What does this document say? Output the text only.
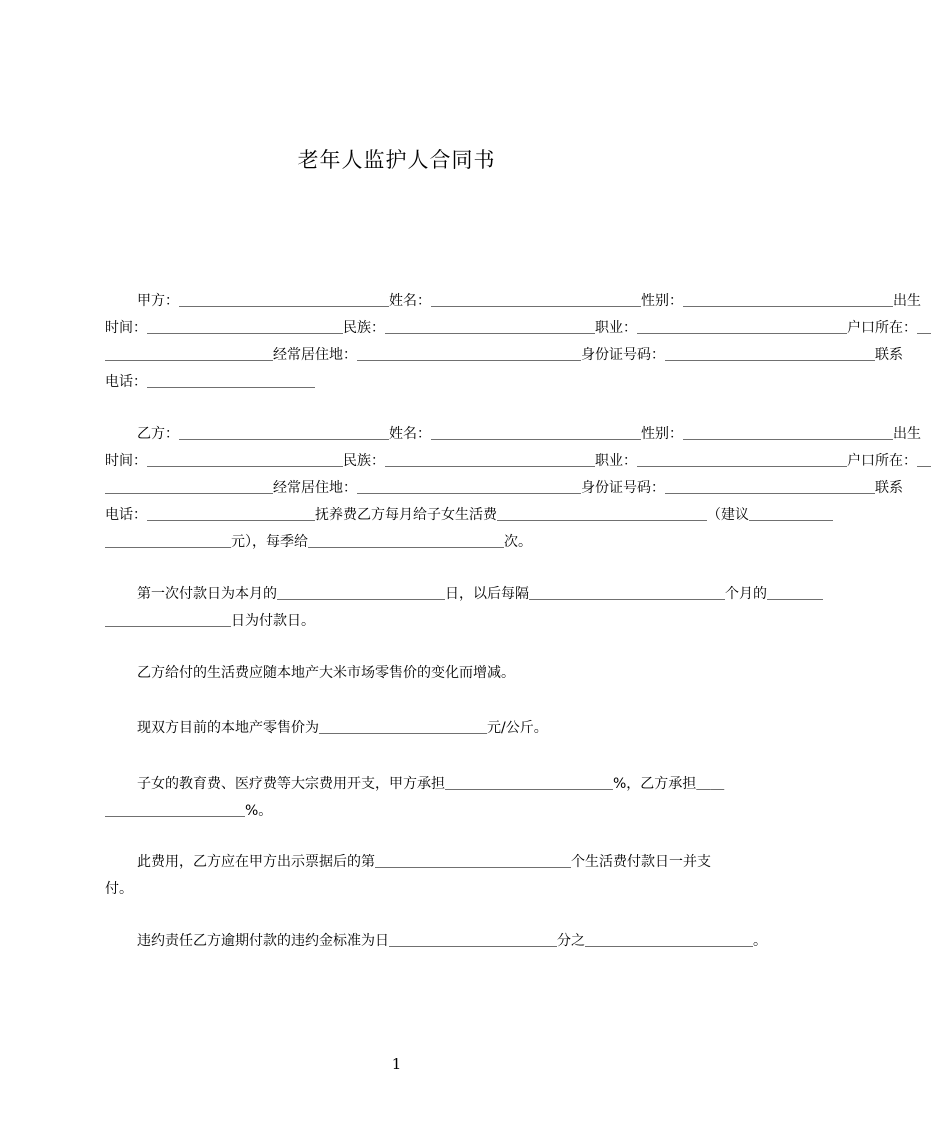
老年人监护人合同书
甲方：＿＿＿＿＿＿＿＿＿＿＿＿＿＿＿姓名：＿＿＿＿＿＿＿＿＿＿＿＿＿＿＿性别：＿＿＿＿＿＿＿＿＿＿＿＿＿＿＿出生
时间：＿＿＿＿＿＿＿＿＿＿＿＿＿＿民族：＿＿＿＿＿＿＿＿＿＿＿＿＿＿＿职业：＿＿＿＿＿＿＿＿＿＿＿＿＿＿＿户口所在：＿
＿＿＿＿＿＿＿＿＿＿＿＿经常居住地：＿＿＿＿＿＿＿＿＿＿＿＿＿＿＿＿身份证号码：＿＿＿＿＿＿＿＿＿＿＿＿＿＿＿联系
电话：＿＿＿＿＿＿＿＿＿＿＿＿
乙方：＿＿＿＿＿＿＿＿＿＿＿＿＿＿＿姓名：＿＿＿＿＿＿＿＿＿＿＿＿＿＿＿性别：＿＿＿＿＿＿＿＿＿＿＿＿＿＿＿出生
时间：＿＿＿＿＿＿＿＿＿＿＿＿＿＿民族：＿＿＿＿＿＿＿＿＿＿＿＿＿＿＿职业：＿＿＿＿＿＿＿＿＿＿＿＿＿＿＿户口所在：＿
＿＿＿＿＿＿＿＿＿＿＿＿经常居住地：＿＿＿＿＿＿＿＿＿＿＿＿＿＿＿＿身份证号码：＿＿＿＿＿＿＿＿＿＿＿＿＿＿＿联系
电话：＿＿＿＿＿＿＿＿＿＿＿＿抚养费乙方每月给子女生活费＿＿＿＿＿＿＿＿＿＿＿＿＿＿＿（建议＿＿＿＿＿＿
＿＿＿＿＿＿＿＿＿元），每季给＿＿＿＿＿＿＿＿＿＿＿＿＿＿次。
第一次付款日为本月的＿＿＿＿＿＿＿＿＿＿＿＿日，以后每隔＿＿＿＿＿＿＿＿＿＿＿＿＿＿个月的＿＿＿＿
＿＿＿＿＿＿＿＿＿日为付款日。
乙方给付的生活费应随本地产大米市场零售价的变化而增减。
现双方目前的本地产零售价为＿＿＿＿＿＿＿＿＿＿＿＿元/公斤。
子女的教育费、医疗费等大宗费用开支，甲方承担＿＿＿＿＿＿＿＿＿＿＿＿%，乙方承担＿＿
＿＿＿＿＿＿＿＿＿＿%。
此费用，乙方应在甲方出示票据后的第＿＿＿＿＿＿＿＿＿＿＿＿＿＿个生活费付款日一并支
付。
违约责任乙方逾期付款的违约金标准为日＿＿＿＿＿＿＿＿＿＿＿＿分之＿＿＿＿＿＿＿＿＿＿＿＿。
1
